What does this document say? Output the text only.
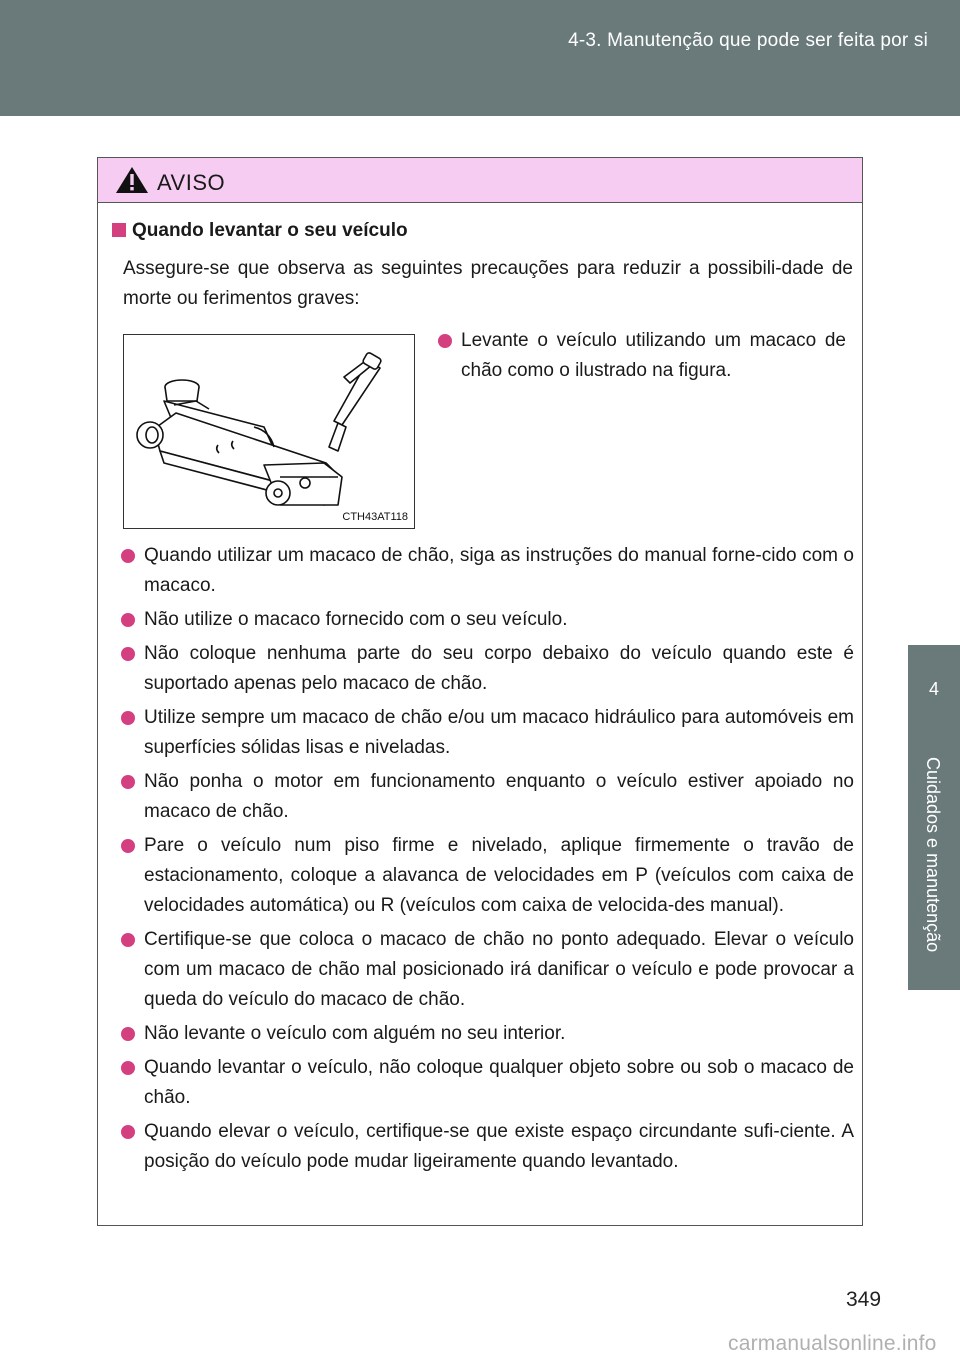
4-3. Manutenção que pode ser feita por si
4
Cuidados e manutenção
AVISO
Quando levantar o seu veículo
Assegure-se que observa as seguintes precauções para reduzir a possibili-dade de morte ou ferimentos graves:
CTH43AT118
Levante o veículo utilizando um macaco de chão como o ilustrado na figura.
Quando utilizar um macaco de chão, siga as instruções do manual forne-cido com o macaco.
Não utilize o macaco fornecido com o seu veículo.
Não coloque nenhuma parte do seu corpo debaixo do veículo quando este é suportado apenas pelo macaco de chão.
Utilize sempre um macaco de chão e/ou um macaco hidráulico para automóveis em superfícies sólidas lisas e niveladas.
Não ponha o motor em funcionamento enquanto o veículo estiver apoiado no macaco de chão.
Pare o veículo num piso firme e nivelado, aplique firmemente o travão de estacionamento, coloque a alavanca de velocidades em P (veículos com caixa de velocidades automática) ou R (veículos com caixa de velocida-des manual).
Certifique-se que coloca o macaco de chão no ponto adequado. Elevar o veículo com um macaco de chão mal posicionado irá danificar o veículo e pode provocar a queda do veículo do macaco de chão.
Não levante o veículo com alguém no seu interior.
Quando levantar o veículo, não coloque qualquer objeto sobre ou sob o macaco de chão.
Quando elevar o veículo, certifique-se que existe espaço circundante sufi-ciente. A posição do veículo pode mudar ligeiramente quando levantado.
349
carmanualsonline.info
